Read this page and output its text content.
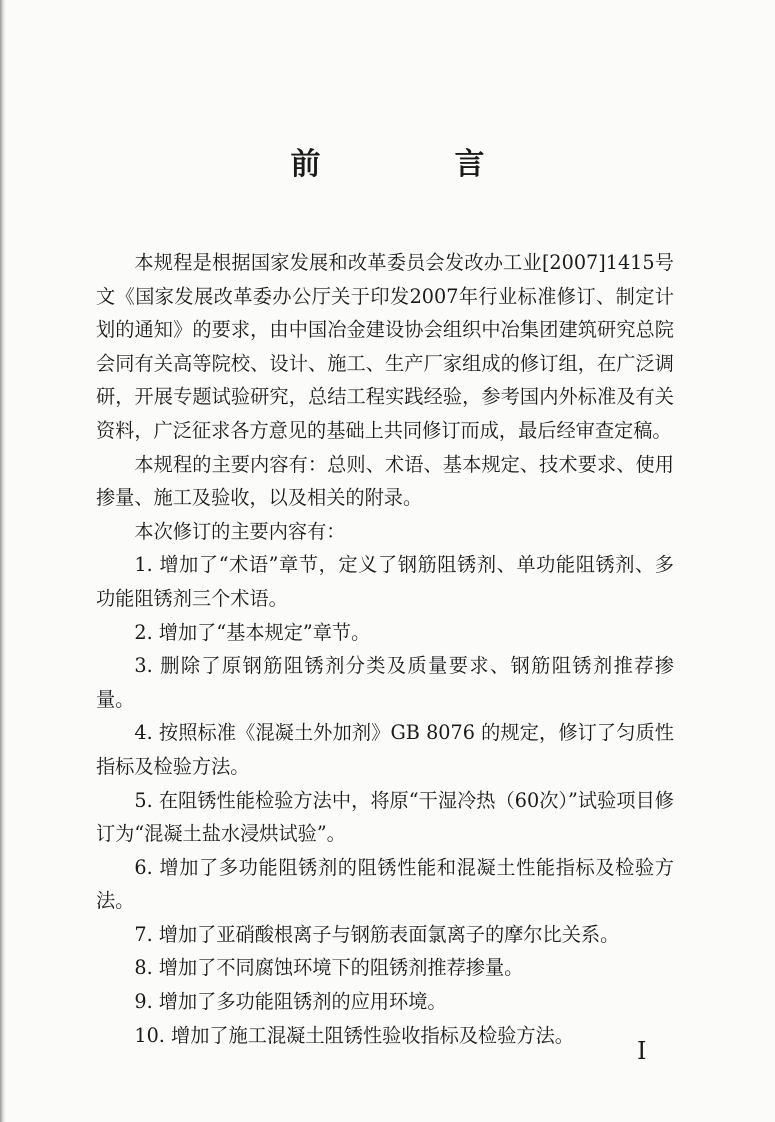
前　言

本规程是根据国家发展和改革委员会发改办工业[2007]1415号文《国家发展改革委办公厅关于印发2007年行业标准修订、制定计划的通知》的要求，由中国冶金建设协会组织中冶集团建筑研究总院会同有关高等院校、设计、施工、生产厂家组成的修订组，在广泛调研，开展专题试验研究，总结工程实践经验，参考国内外标准及有关资料，广泛征求各方意见的基础上共同修订而成，最后经审查定稿。

本规程的主要内容有：总则、术语、基本规定、技术要求、使用掺量、施工及验收，以及相关的附录。

本次修订的主要内容有：

1. 增加了“术语”章节，定义了钢筋阻锈剂、单功能阻锈剂、多功能阻锈剂三个术语。

2. 增加了“基本规定”章节。

3. 删除了原钢筋阻锈剂分类及质量要求、钢筋阻锈剂推荐掺量。

4. 按照标准《混凝土外加剂》GB 8076 的规定，修订了匀质性指标及检验方法。

5. 在阻锈性能检验方法中，将原“干湿冷热（60次）”试验项目修订为“混凝土盐水浸烘试验”。

6. 增加了多功能阻锈剂的阻锈性能和混凝土性能指标及检验方法。

7. 增加了亚硝酸根离子与钢筋表面氯离子的摩尔比关系。

8. 增加了不同腐蚀环境下的阻锈剂推荐掺量。

9. 增加了多功能阻锈剂的应用环境。

10. 增加了施工混凝土阻锈性验收指标及检验方法。

I
